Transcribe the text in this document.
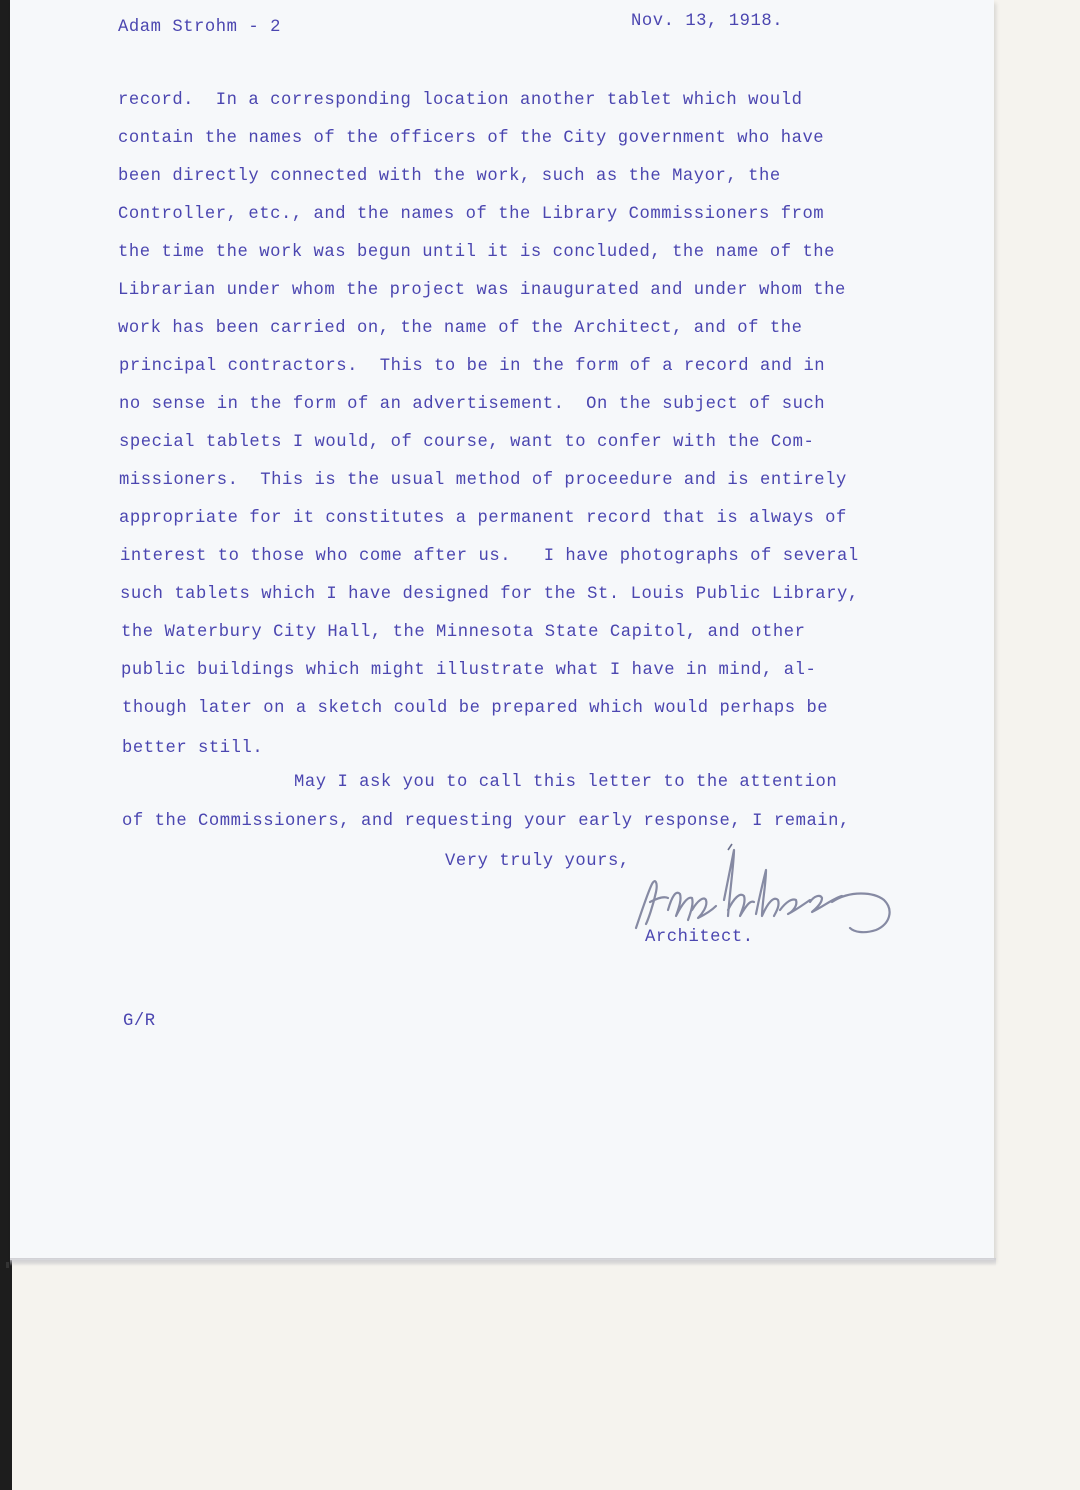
Adam Strohm - 2	Nov. 13, 1918.
record.  In a corresponding location another tablet which would
contain the names of the officers of the City government who have
been directly connected with the work, such as the Mayor, the
Controller, etc., and the names of the Library Commissioners from
the time the work was begun until it is concluded, the name of the
Librarian under whom the project was inaugurated and under whom the
work has been carried on, the name of the Architect, and of the
principal contractors.  This to be in the form of a record and in
no sense in the form of an advertisement.  On the subject of such
special tablets I would, of course, want to confer with the Com-
missioners.  This is the usual method of proceedure and is entirely
appropriate for it constitutes a permanent record that is always of
interest to those who come after us.   I have photographs of several
such tablets which I have designed for the St. Louis Public Library,
the Waterbury City Hall, the Minnesota State Capitol, and other
public buildings which might illustrate what I have in mind, al-
though later on a sketch could be prepared which would perhaps be
better still.
May I ask you to call this letter to the attention
of the Commissioners, and requesting your early response, I remain,
Very truly yours,
Architect.
G/R
